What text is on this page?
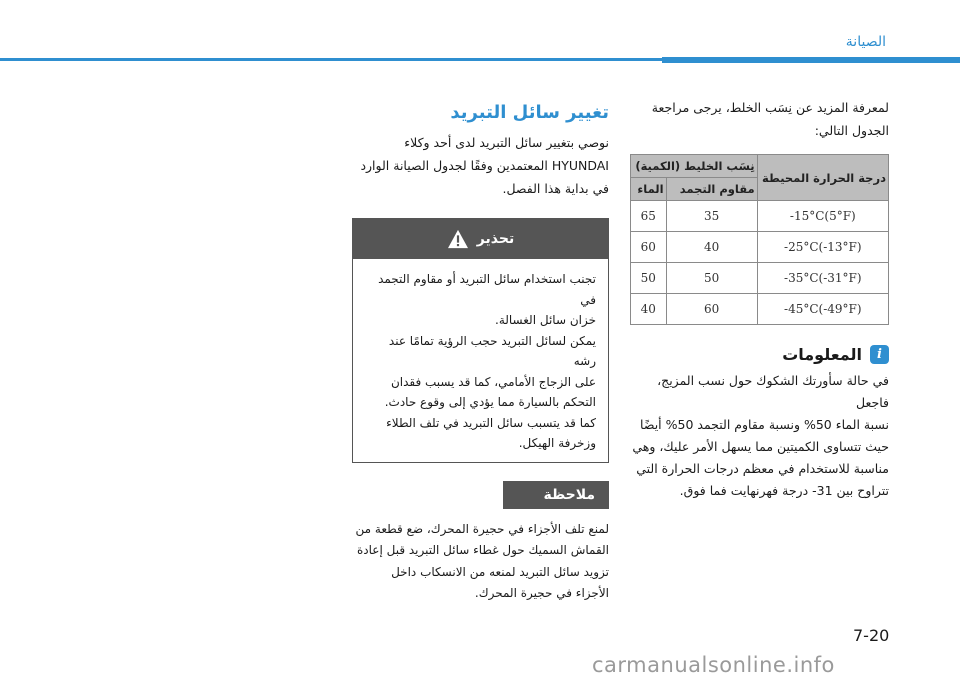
الصيانة
تغيير سائل التبريد

نوصي بتغيير سائل التبريد لدى أحد وكلاء HYUNDAI المعتمدين وفقًا لجدول الصيانة الوارد في بداية هذا الفصل.

تحذير
تجنب استخدام سائل التبريد أو مقاوم التجمد في
خزان سائل الغسالة.
يمكن لسائل التبريد حجب الرؤية تمامًا عند رشه
على الزجاج الأمامي، كما قد يسبب فقدان
التحكم بالسيارة مما يؤدي إلى وقوع حادث.
كما قد يتسبب سائل التبريد في تلف الطلاء
وزخرفة الهيكل.
ملاحظة
لمنع تلف الأجزاء في حجيرة المحرك، ضع قطعة من
القماش السميك حول غطاء سائل التبريد قبل إعادة
تزويد سائل التبريد لمنعه من الانسكاب داخل
الأجزاء في حجيرة المحرك.
لمعرفة المزيد عن نِسَب الخلط، يرجى مراجعة
الجدول التالي:
درجة الحرارة المحيطة	نِسَب الخليط (الكمية)	
	مقاوم التجمد	الماء
-15°C(5°F)	35	65
-25°C(-13°F)	40	60
-35°C(-31°F)	50	50
-45°C(-49°F)	60	40
i
المعلومات
في حالة سأورتك الشكوك حول نسب المزيج، فاجعل
نسبة الماء 50% ونسبة مقاوم التجمد 50% أيضًا
حيث تتساوى الكميتين مما يسهل الأمر عليك، وهي
مناسبة للاستخدام في معظم درجات الحرارة التي
تتراوح بين 31- درجة فهرنهايت فما فوق.
7-20
carmanualsonline.info
